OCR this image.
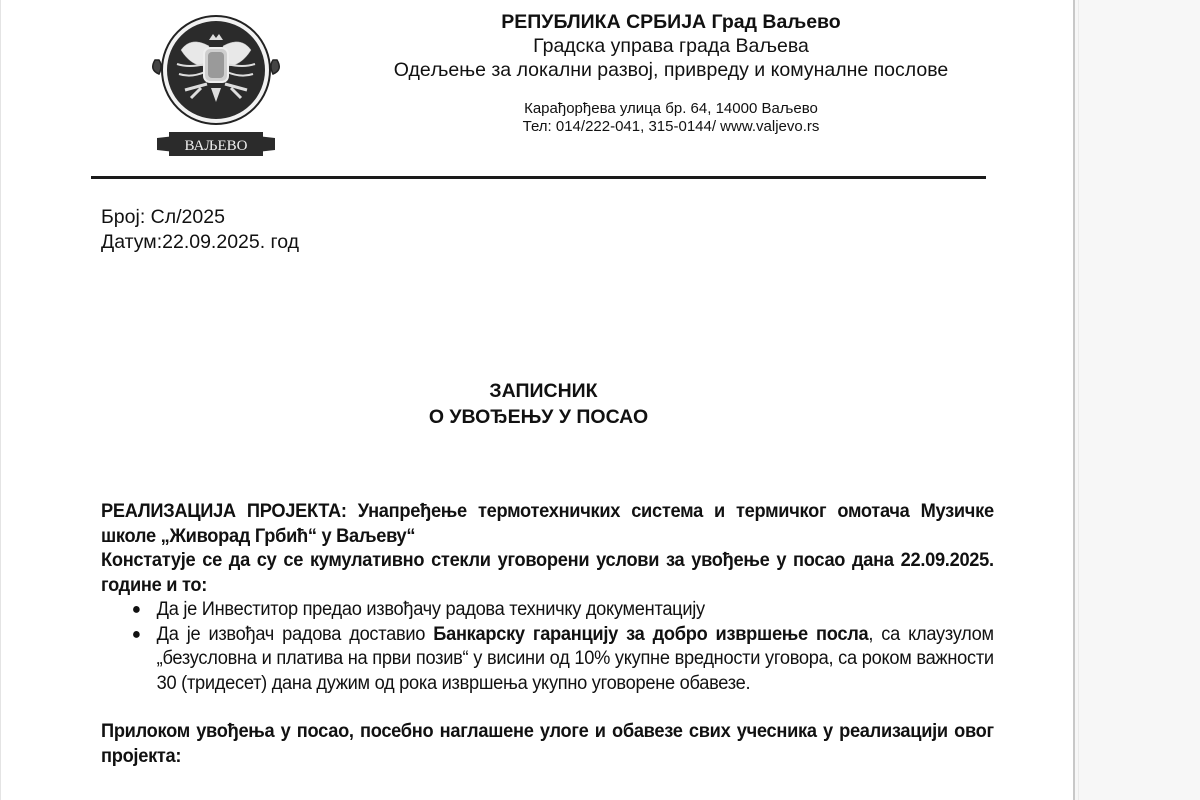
ВАЉЕВО
РЕПУБЛИКА СРБИЈА Град Ваљево
Градска управа града Ваљева
Одељење за локални развој, привреду и комуналне послове
Карађорђева улица бр. 64, 14000 Ваљево
Тел: 014/222-041, 315-0144/ www.valjevo.rs
Број: Сл/2025
Датум:22.09.2025. год
ЗАПИСНИК
О УВОЂЕЊУ У ПОСАО
РЕАЛИЗАЦИЈА ПРОЈЕКТА: Унапређење термотехничких система и термичког омотача Музичке школе „Живорад Грбић“ у Ваљеву“
Констатује се да су се кумулативно стекли уговорени услови за увођење у посао дана 22.09.2025. године и то:
● Да је Инвеститор предао извођачу радова техничку документацију
● Да је извођач радова доставио Банкарску гаранцију за добро извршење посла, са клаузулом „безусловна и платива на први позив“ у висини од 10% укупне вредности уговора, са роком важности 30 (тридесет) дана дужим од рока извршења укупно уговорене обавезе.
Прилоком увођења у посао, посебно наглашене улоге и обавезе свих учесника у реализацији овог пројекта:
